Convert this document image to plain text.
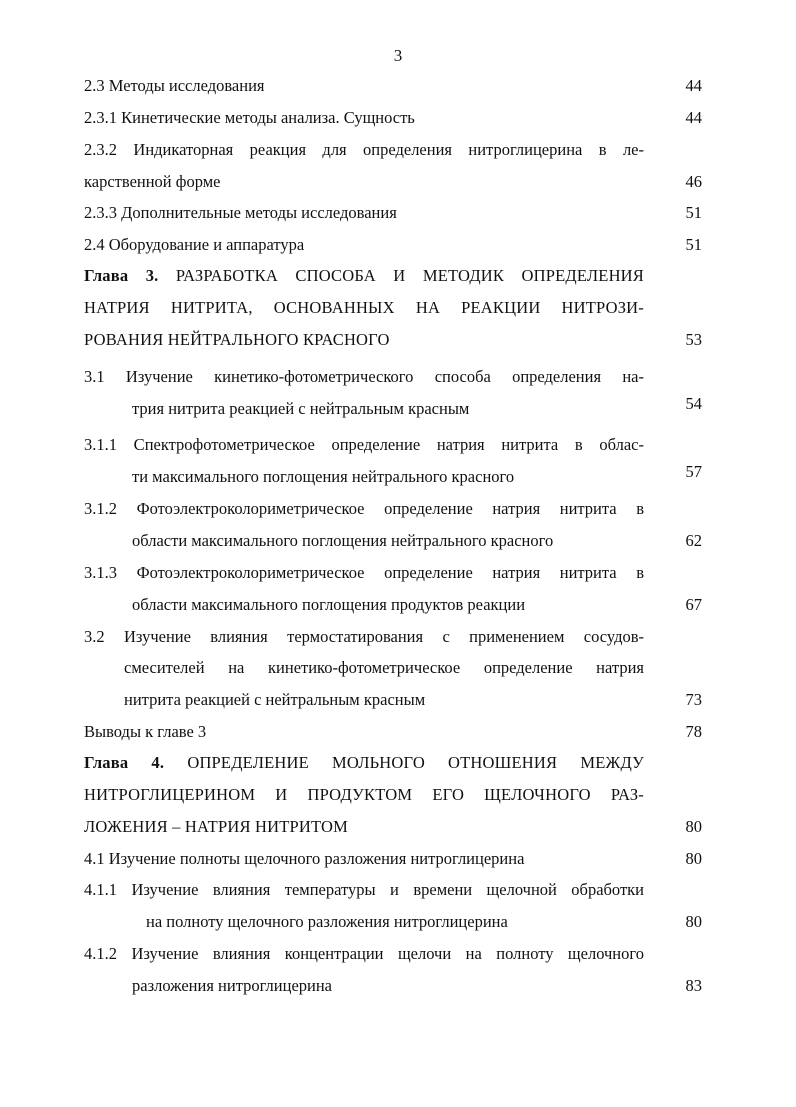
3
2.3 Методы исследования	44
2.3.1 Кинетические методы анализа. Сущность	44
2.3.2 Индикаторная реакция для определения нитроглицерина в ле-
карственной форме	46
2.3.3 Дополнительные методы исследования	51
2.4 Оборудование и аппаратура	51
Глава 3. РАЗРАБОТКА СПОСОБА И МЕТОДИК ОПРЕДЕЛЕНИЯ
НАТРИЯ НИТРИТА, ОСНОВАННЫХ НА РЕАКЦИИ НИТРОЗИ-
РОВАНИЯ НЕЙТРАЛЬНОГО КРАСНОГО	53
3.1 Изучение кинетико-фотометрического способа определения на-
трия нитрита реакцией с нейтральным красным	54
3.1.1 Спектрофотометрическое определение натрия нитрита в облас-
ти максимального поглощения нейтрального красного	57
3.1.2 Фотоэлектроколориметрическое определение натрия нитрита в
области максимального поглощения нейтрального красного	62
3.1.3 Фотоэлектроколориметрическое определение натрия нитрита в
области максимального поглощения продуктов реакции	67
3.2 Изучение влияния термостатирования с применением сосудов-
смесителей на кинетико-фотометрическое определение натрия
нитрита реакцией с нейтральным красным	73
Выводы к главе 3	78
Глава 4. ОПРЕДЕЛЕНИЕ МОЛЬНОГО ОТНОШЕНИЯ МЕЖДУ
НИТРОГЛИЦЕРИНОМ И ПРОДУКТОМ ЕГО ЩЕЛОЧНОГО РАЗ-
ЛОЖЕНИЯ – НАТРИЯ НИТРИТОМ	80
4.1 Изучение полноты щелочного разложения нитроглицерина	80
4.1.1 Изучение влияния температуры и времени щелочной обработки
на полноту щелочного разложения нитроглицерина	80
4.1.2 Изучение влияния концентрации щелочи на полноту щелочного
разложения нитроглицерина	83
